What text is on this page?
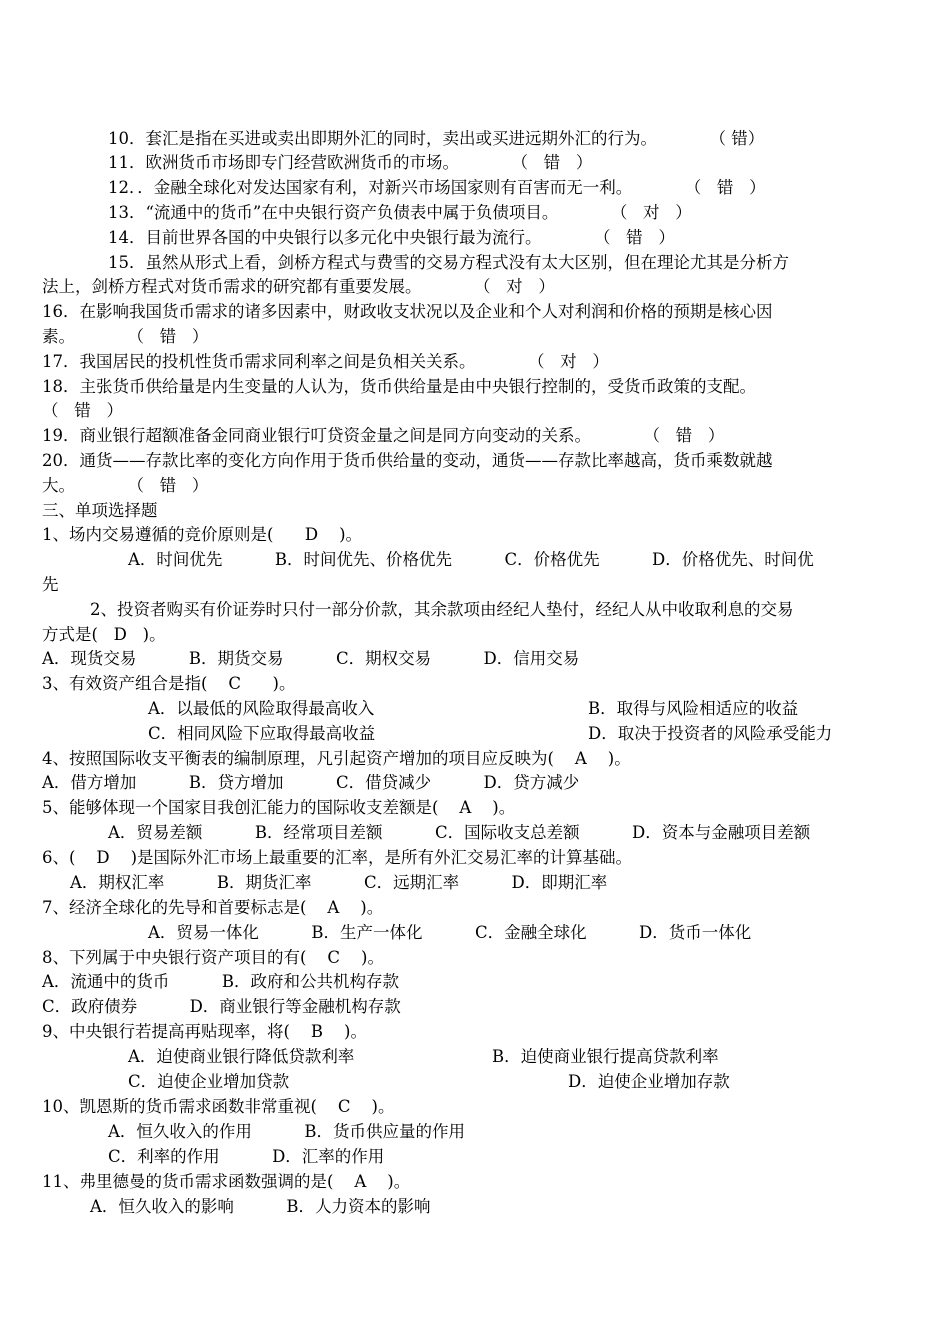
10．套汇是指在买进或卖出即期外汇的同时，卖出或买进远期外汇的行为。          （ 错）
11．欧洲货币市场即专门经营欧洲货币的市场。          （   错   ）
12．．金融全球化对发达国家有利，对新兴市场国家则有百害而无一利。          （   错   ）
13．“流通中的货币”在中央银行资产负债表中属于负债项目。          （   对   ）
14．目前世界各国的中央银行以多元化中央银行最为流行。          （   错   ）
15．虽然从形式上看，剑桥方程式与费雪的交易方程式没有太大区别，但在理论尤其是分析方
法上，剑桥方程式对货币需求的研究都有重要发展。          （   对   ）
16．在影响我国货币需求的诸多因素中，财政收支状况以及企业和个人对利润和价格的预期是核心因
素。          （   错   ）
17．我国居民的投机性货币需求同利率之间是负相关关系。          （   对   ）
18．主张货币供给量是内生变量的人认为，货币供给量是由中央银行控制的，受货币政策的支配。
（   错   ）
19．商业银行超额准备金同商业银行叮贷资金量之间是同方向变动的关系。          （   错   ）
20．通货——存款比率的变化方向作用于货币供给量的变动，通货——存款比率越高，货币乘数就越
大。          （   错   ）
三、单项选择题
1、场内交易遵循的竞价原则是(      D    )。
A．时间优先          B．时间优先、价格优先          C．价格优先          D．价格优先、时间优
先
2、投资者购买有价证券时只付一部分价款，其余款项由经纪人垫付，经纪人从中收取利息的交易
方式是(   D   )。
A．现货交易          B．期货交易          C．期权交易          D．信用交易
3、有效资产组合是指(    C      )。
A．以最低的风险取得最高收入	B．取得与风险相适应的收益
C．相同风险下应取得最高收益	D．取决于投资者的风险承受能力
4、按照国际收支平衡表的编制原理，凡引起资产增加的项目应反映为(    A    )。
A．借方增加          B．贷方增加          C．借贷减少          D．贷方减少
5、能够体现一个国家目我创汇能力的国际收支差额是(    A    )。
A．贸易差额          B．经常项目差额          C．国际收支总差额          D．资本与金融项目差额
6、(    D    )是国际外汇市场上最重要的汇率，是所有外汇交易汇率的计算基础。
A．期权汇率          B．期货汇率          C．远期汇率          D．即期汇率
7、经济全球化的先导和首要标志是(    A    )。
A．贸易一体化          B．生产一体化          C．金融全球化          D．货币一体化
8、下列属于中央银行资产项目的有(    C    )。
A．流通中的货币          B．政府和公共机构存款
C．政府债券          D．商业银行等金融机构存款
9、中央银行若提高再贴现率，将(    B    )。
A．迫使商业银行降低贷款利率	B．迫使商业银行提高贷款利率
C．迫使企业增加贷款	D．迫使企业增加存款
10、凯恩斯的货币需求函数非常重视(    C    )。
A．恒久收入的作用          B．货币供应量的作用
C．利率的作用          D．汇率的作用
11、弗里德曼的货币需求函数强调的是(    A    )。
A．恒久收入的影响          B．人力资本的影响
